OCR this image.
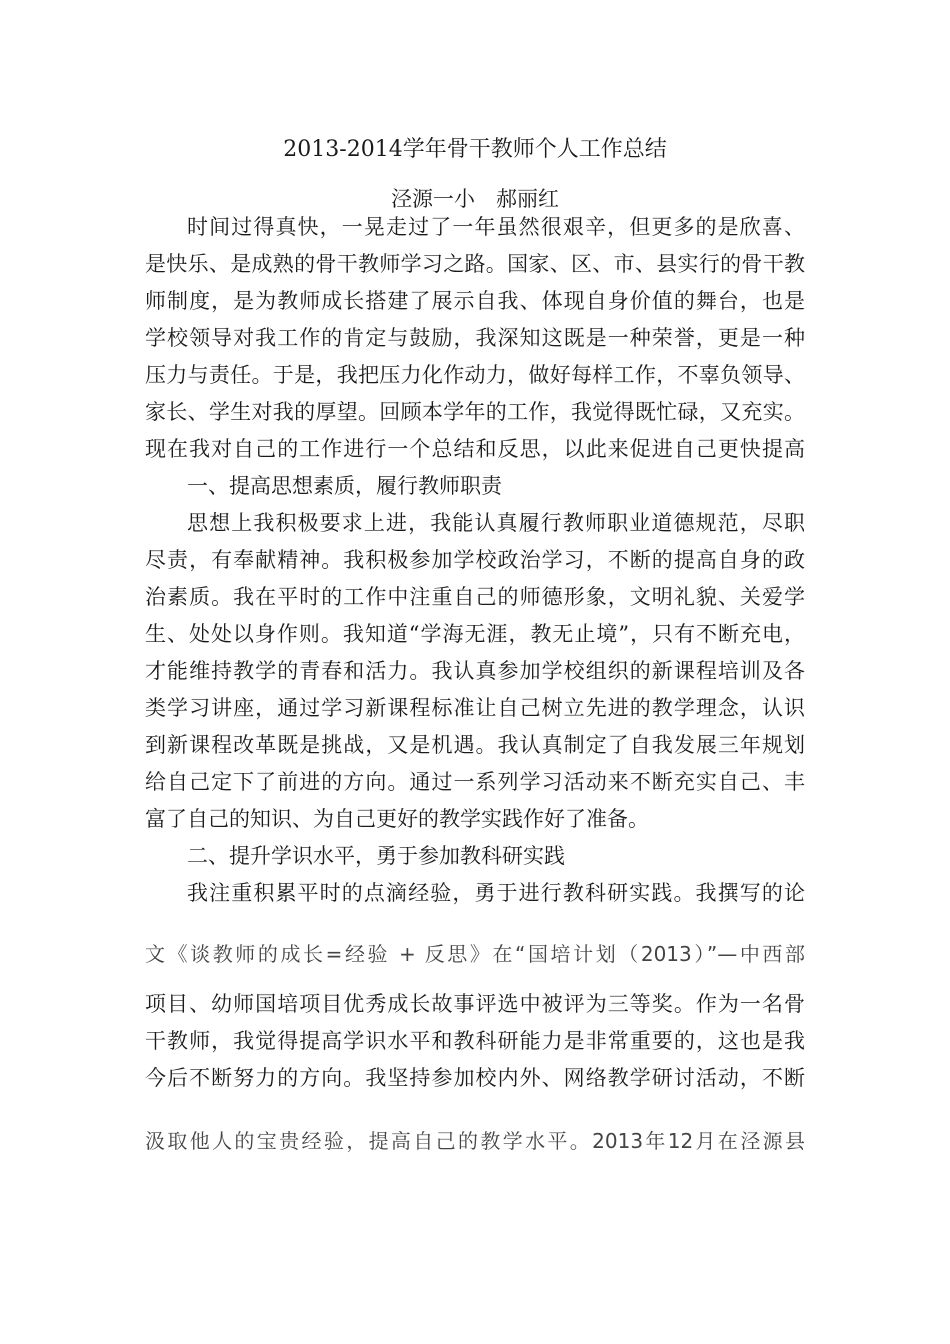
2013-2014学年骨干教师个人工作总结
泾源一小　郝丽红
时间过得真快，一晃走过了一年虽然很艰辛，但更多的是欣喜、
是快乐、是成熟的骨干教师学习之路。国家、区、市、县实行的骨干教
师制度，是为教师成长搭建了展示自我、体现自身价值的舞台，也是
学校领导对我工作的肯定与鼓励，我深知这既是一种荣誉，更是一种
压力与责任。于是，我把压力化作动力，做好每样工作，不辜负领导、
家长、学生对我的厚望。回顾本学年的工作，我觉得既忙碌，又充实。
现在我对自己的工作进行一个总结和反思，以此来促进自己更快提高
一、提高思想素质，履行教师职责
思想上我积极要求上进，我能认真履行教师职业道德规范，尽职
尽责，有奉献精神。我积极参加学校政治学习，不断的提高自身的政
治素质。我在平时的工作中注重自己的师德形象，文明礼貌、关爱学
生、处处以身作则。我知道“学海无涯，教无止境”，只有不断充电，
才能维持教学的青春和活力。我认真参加学校组织的新课程培训及各
类学习讲座，通过学习新课程标准让自己树立先进的教学理念，认识
到新课程改革既是挑战，又是机遇。我认真制定了自我发展三年规划
给自己定下了前进的方向。通过一系列学习活动来不断充实自己、丰
富了自己的知识、为自己更好的教学实践作好了准备。
二、提升学识水平，勇于参加教科研实践
我注重积累平时的点滴经验，勇于进行教科研实践。我撰写的论
文《谈教师的成长=经验 + 反思》在“国培计划（2013）”—中西部
项目、幼师国培项目优秀成长故事评选中被评为三等奖。作为一名骨
干教师，我觉得提高学识水平和教科研能力是非常重要的，这也是我
今后不断努力的方向。我坚持参加校内外、网络教学研讨活动，不断
汲取他人的宝贵经验，提高自己的教学水平。2013年12月在泾源县
